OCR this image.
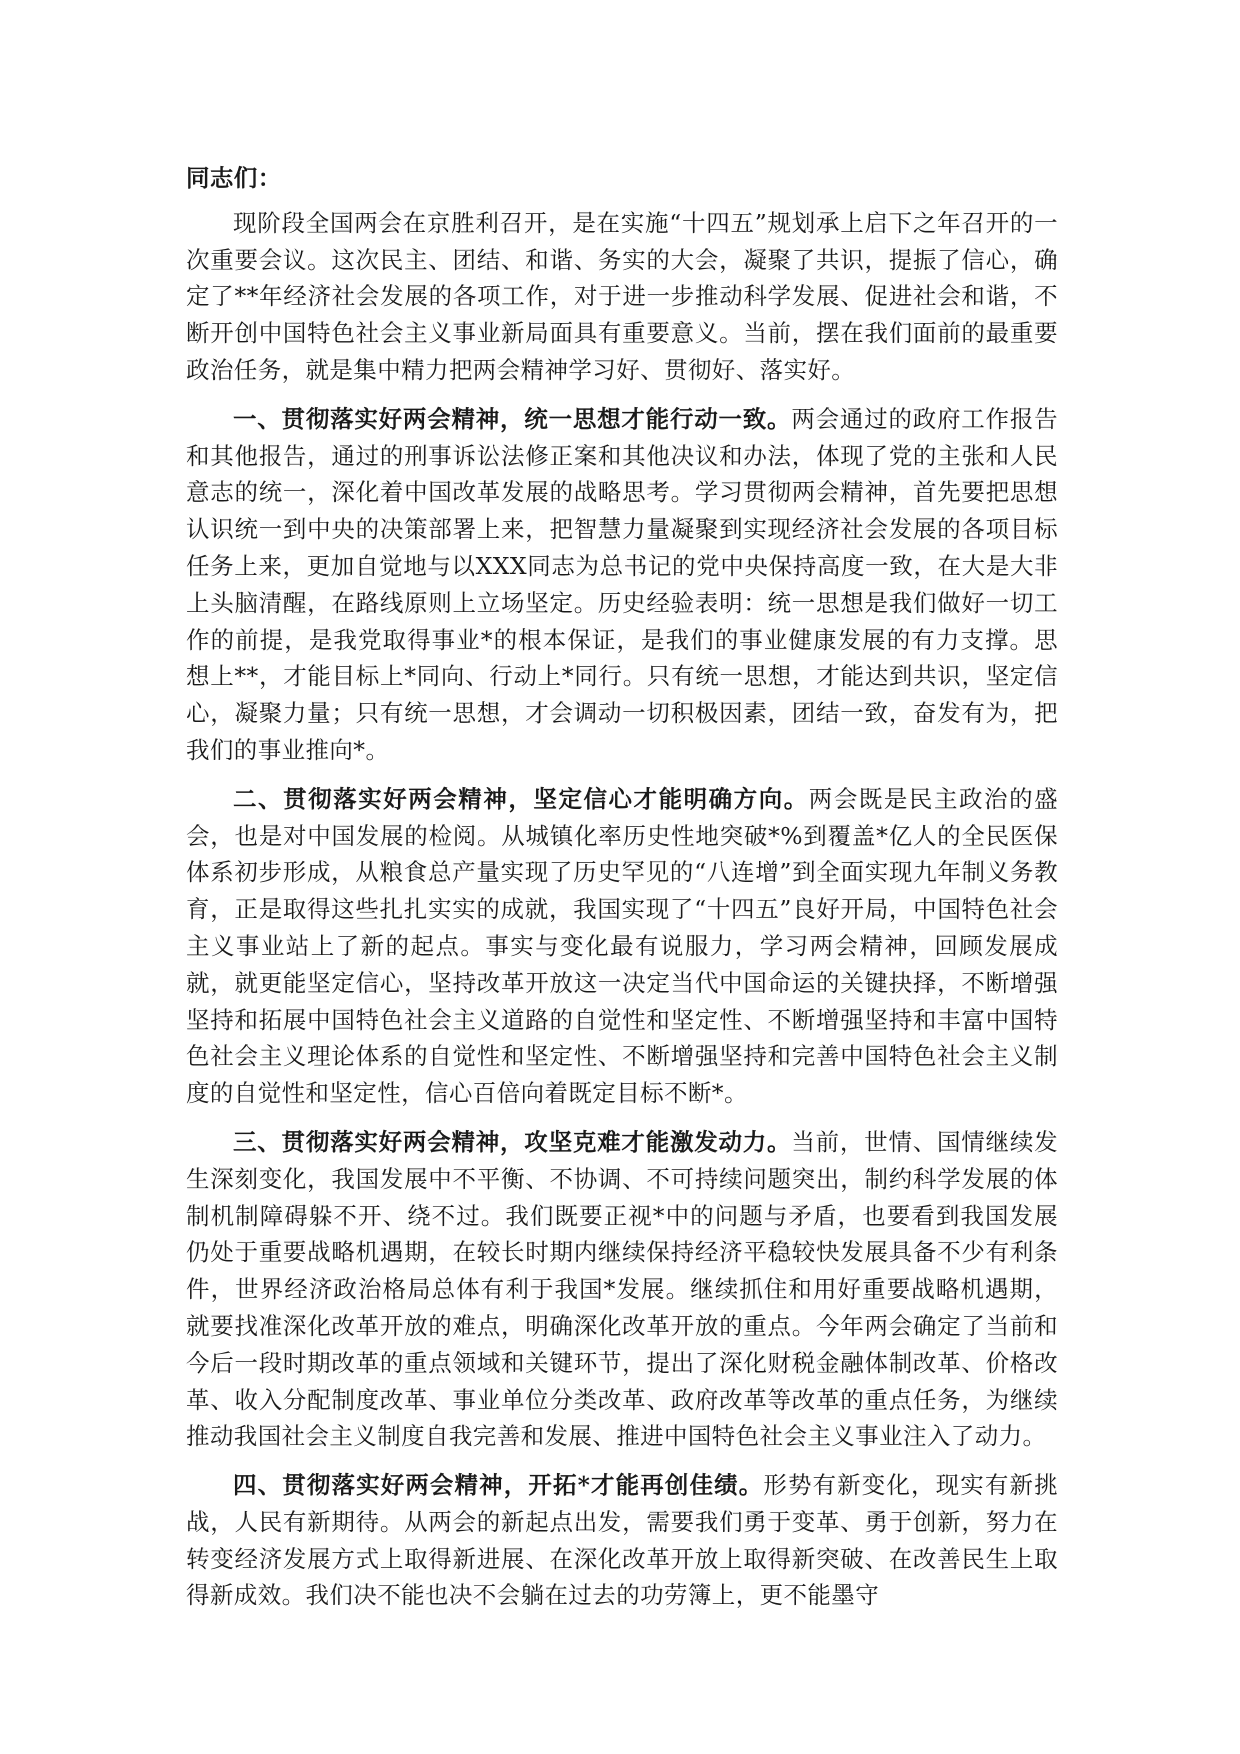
同志们：

现阶段全国两会在京胜利召开，是在实施“十四五”规划承上启下之年召开的一次重要会议。这次民主、团结、和谐、务实的大会，凝聚了共识，提振了信心，确定了**年经济社会发展的各项工作，对于进一步推动科学发展、促进社会和谐，不断开创中国特色社会主义事业新局面具有重要意义。当前，摆在我们面前的最重要政治任务，就是集中精力把两会精神学习好、贯彻好、落实好。

一、贯彻落实好两会精神，统一思想才能行动一致。两会通过的政府工作报告和其他报告，通过的刑事诉讼法修正案和其他决议和办法，体现了党的主张和人民意志的统一，深化着中国改革发展的战略思考。学习贯彻两会精神，首先要把思想认识统一到中央的决策部署上来，把智慧力量凝聚到实现经济社会发展的各项目标任务上来，更加自觉地与以XXX同志为总书记的党中央保持高度一致，在大是大非上头脑清醒，在路线原则上立场坚定。历史经验表明：统一思想是我们做好一切工作的前提，是我党取得事业*的根本保证，是我们的事业健康发展的有力支撑。思想上**，才能目标上*同向、行动上*同行。只有统一思想，才能达到共识，坚定信心，凝聚力量；只有统一思想，才会调动一切积极因素，团结一致，奋发有为，把我们的事业推向*。

二、贯彻落实好两会精神，坚定信心才能明确方向。两会既是民主政治的盛会，也是对中国发展的检阅。从城镇化率历史性地突破*%到覆盖*亿人的全民医保体系初步形成，从粮食总产量实现了历史罕见的“八连增”到全面实现九年制义务教育，正是取得这些扎扎实实的成就，我国实现了“十四五”良好开局，中国特色社会主义事业站上了新的起点。事实与变化最有说服力，学习两会精神，回顾发展成就，就更能坚定信心，坚持改革开放这一决定当代中国命运的关键抉择，不断增强坚持和拓展中国特色社会主义道路的自觉性和坚定性、不断增强坚持和丰富中国特色社会主义理论体系的自觉性和坚定性、不断增强坚持和完善中国特色社会主义制度的自觉性和坚定性，信心百倍向着既定目标不断*。

三、贯彻落实好两会精神，攻坚克难才能激发动力。当前，世情、国情继续发生深刻变化，我国发展中不平衡、不协调、不可持续问题突出，制约科学发展的体制机制障碍躲不开、绕不过。我们既要正视*中的问题与矛盾，也要看到我国发展仍处于重要战略机遇期，在较长时期内继续保持经济平稳较快发展具备不少有利条件，世界经济政治格局总体有利于我国*发展。继续抓住和用好重要战略机遇期，就要找准深化改革开放的难点，明确深化改革开放的重点。今年两会确定了当前和今后一段时期改革的重点领域和关键环节，提出了深化财税金融体制改革、价格改革、收入分配制度改革、事业单位分类改革、政府改革等改革的重点任务，为继续推动我国社会主义制度自我完善和发展、推进中国特色社会主义事业注入了动力。

四、贯彻落实好两会精神，开拓*才能再创佳绩。形势有新变化，现实有新挑战，人民有新期待。从两会的新起点出发，需要我们勇于变革、勇于创新，努力在转变经济发展方式上取得新进展、在深化改革开放上取得新突破、在改善民生上取得新成效。我们决不能也决不会躺在过去的功劳簿上，更不能墨守
